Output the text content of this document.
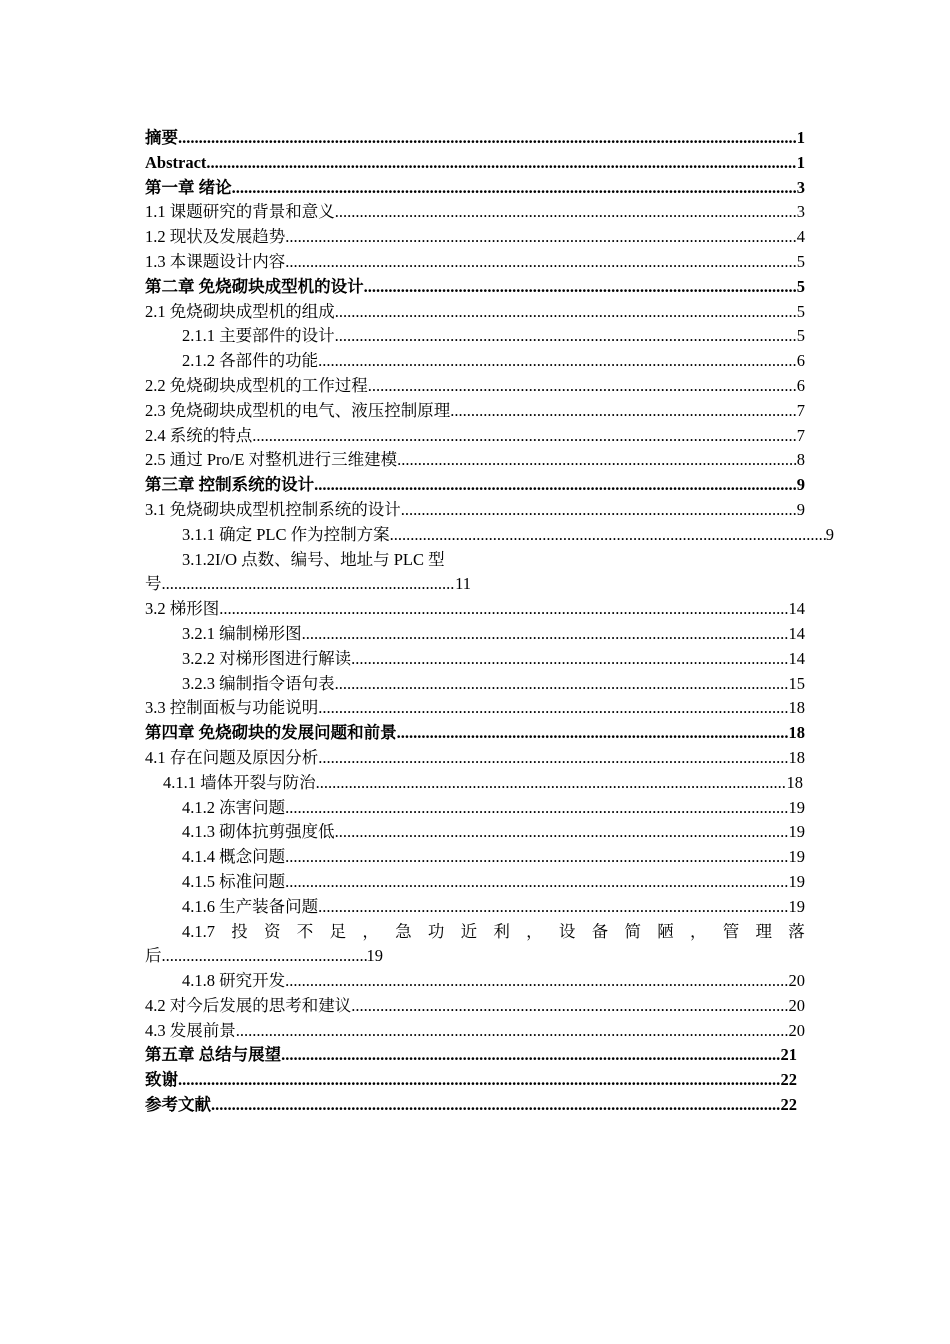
摘要 .....	1
Abstract .....	1
第一章 绪论 .....	3
1.1 课题研究的背景和意义 .....	3
1.2 现状及发展趋势 .....	4
1.3 本课题设计内容 .....	5
第二章 免烧砌块成型机的设计 .....	5
2.1 免烧砌块成型机的组成 .....	5
2.1.1 主要部件的设计 .....	5
2.1.2 各部件的功能 .....	6
2.2 免烧砌块成型机的工作过程 .....	6
2.3 免烧砌块成型机的电气、液压控制原理 .....	7
2.4 系统的特点 .....	7
2.5 通过 Pro/E 对整机进行三维建模 .....	8
第三章 控制系统的设计 .....	9
3.1 免烧砌块成型机控制系统的设计 .....	9
3.1.1 确定 PLC 作为控制方案 .....	9
3.1.2I/O 点数、编号、地址与 PLC 型
号 .....	11
3.2 梯形图 .....	14
3.2.1 编制梯形图 .....	14
3.2.2 对梯形图进行解读 .....	14
3.2.3 编制指令语句表 .....	15
3.3 控制面板与功能说明 .....	18
第四章 免烧砌块的发展问题和前景 .....	18
4.1 存在问题及原因分析 .....	18
4.1.1 墙体开裂与防治 .....	18
4.1.2 冻害问题 .....	19
4.1.3 砌体抗剪强度低 .....	19
4.1.4 概念问题 .....	19
4.1.5 标准问题 .....	19
4.1.6 生产装备问题 .....	19
4.1.7 投 资 不 足 ， 急 功 近 利 ， 设 备 简 陋 ， 管 理 落
后 .....	19
4.1.8 研究开发 .....	20
4.2 对今后发展的思考和建议 .....	20
4.3 发展前景 .....	20
第五章 总结与展望 .....	21
致谢 .....	22
参考文献 .....	22
